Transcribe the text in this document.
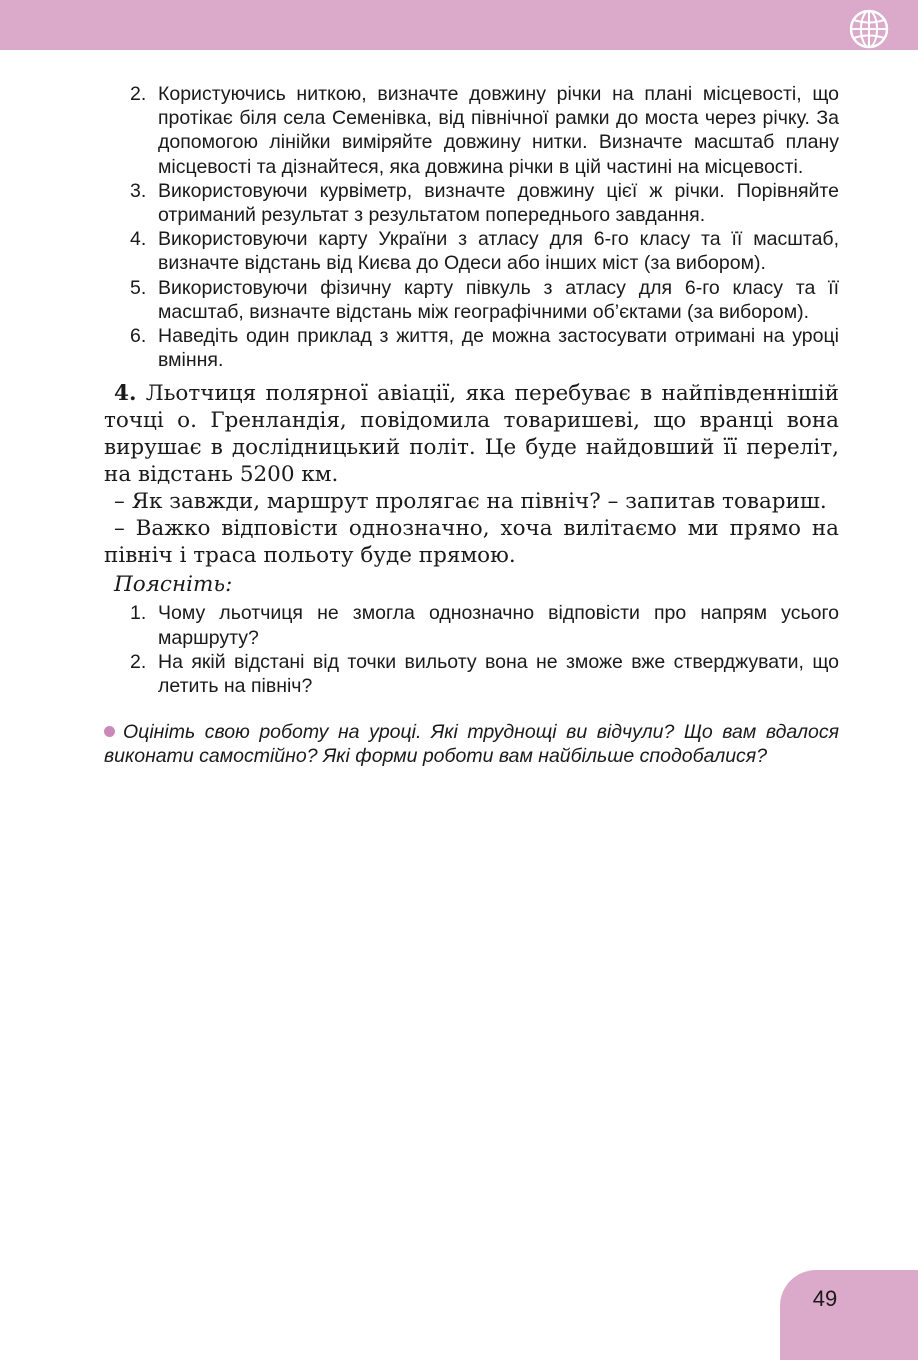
2. Користуючись ниткою, визначте довжину річки на плані місцевості, що протікає біля села Семенівка, від північної рамки до моста через річку. За допомогою лінійки виміряйте довжину нитки. Визначте масштаб плану місцевості та дізнайтеся, яка довжина річки в цій частині на місцевості.
3. Використовуючи курвіметр, визначте довжину цієї ж річки. Порівняйте отриманий результат з результатом попереднього завдання.
4. Використовуючи карту України з атласу для 6-го класу та її масштаб, визначте відстань від Києва до Одеси або інших міст (за вибором).
5. Використовуючи фізичну карту півкуль з атласу для 6-го класу та її масштаб, визначте відстань між географічними об’єктами (за вибором).
6. Наведіть один приклад з життя, де можна застосувати отримані на уроці вміння.

4. Льотчиця полярної авіації, яка перебуває в найпівденнішій точці о. Гренландія, повідомила товаришеві, що вранці вона вирушає в дослідницький політ. Це буде найдовший її переліт, на відстань 5200 км.

– Як завжди, маршрут пролягає на північ? – запитав товариш.

– Важко відповісти однозначно, хоча вилітаємо ми прямо на північ і траса польоту буде прямою.

Поясніть:
1. Чому льотчиця не змогла однозначно відповісти про напрям усього маршруту?
2. На якій відстані від точки вильоту вона не зможе вже стверджувати, що летить на північ?
Оцініть свою роботу на уроці. Які труднощі ви відчули? Що вам вдалося виконати самостійно? Які форми роботи вам найбільше сподобалися?
49
